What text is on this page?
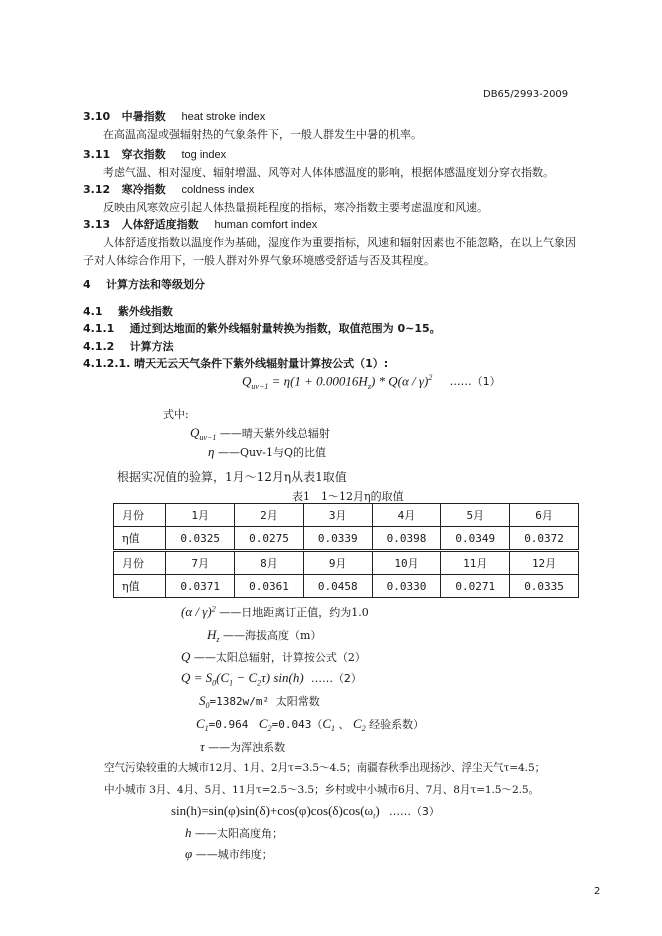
DB65/2993-2009
3.10 中暑指数 heat stroke index
在高温高湿或强辐射热的气象条件下，一般人群发生中暑的机率。
3.11 穿衣指数 tog index
考虑气温、相对湿度、辐射增温、风等对人体体感温度的影响，根据体感温度划分穿衣指数。
3.12 寒冷指数 coldness index
反映由风寒效应引起人体热量损耗程度的指标，寒冷指数主要考虑温度和风速。
3.13 人体舒适度指数 human comfort index
人体舒适度指数以温度作为基础，湿度作为重要指标，风速和辐射因素也不能忽略，在以上气象因子对人体综合作用下，一般人群对外界气象环境感受舒适与否及其程度。
4 计算方法和等级划分
4.1 紫外线指数
4.1.1 通过到达地面的紫外线辐射量转换为指数，取值范围为 0~15。
4.1.2 计算方法
4.1.2.1. 晴天无云天气条件下紫外线辐射量计算按公式（1）:
$Q_{uv-1} = \eta(1 + 0.00016H_z) * Q(\alpha / \gamma)^2$ ……（1）
式中:
$Q_{uv-1}$ ——晴天紫外线总辐射
η ——Quv-1与Q的比值
根据实况值的验算，1月～12月η从表1取值
表1　1～12月η的取值
月份	1月	2月	3月	4月	5月	6月
η值	0.0325	0.0275	0.0339	0.0398	0.0349	0.0372
月份	7月	8月	9月	10月	11月	12月
η值	0.0371	0.0361	0.0458	0.0330	0.0271	0.0335
(α / γ)$^2$ ——日地距离订正值，约为1.0
$H_z$ ——海拔高度（m）
Q ——太阳总辐射，计算按公式（2）
$Q = S_0(C_1 - C_2\tau)$ sin(h) ……（2）
$S_0=1382w/m^2$ 太阳常数
$C_1=0.964$ $C_2=0.043(C_1$ 、 $C_2$ 经验系数）
τ ——为浑浊系数
空气污染较重的大城市12月、1月、2月τ=3.5～4.5；南疆春秋季出现扬沙、浮尘天气τ=4.5；
中小城市 3月、4月、5月、11月τ=2.5～3.5；乡村或中小城市6月、7月、8月τ=1.5～2.5。
$\sin(h)=\sin(\varphi)\sin(\delta)+\cos(\varphi)\cos(\delta)\cos(\omega_t)$ ……（3）
h ——太阳高度角；
φ ——城市纬度；
2
